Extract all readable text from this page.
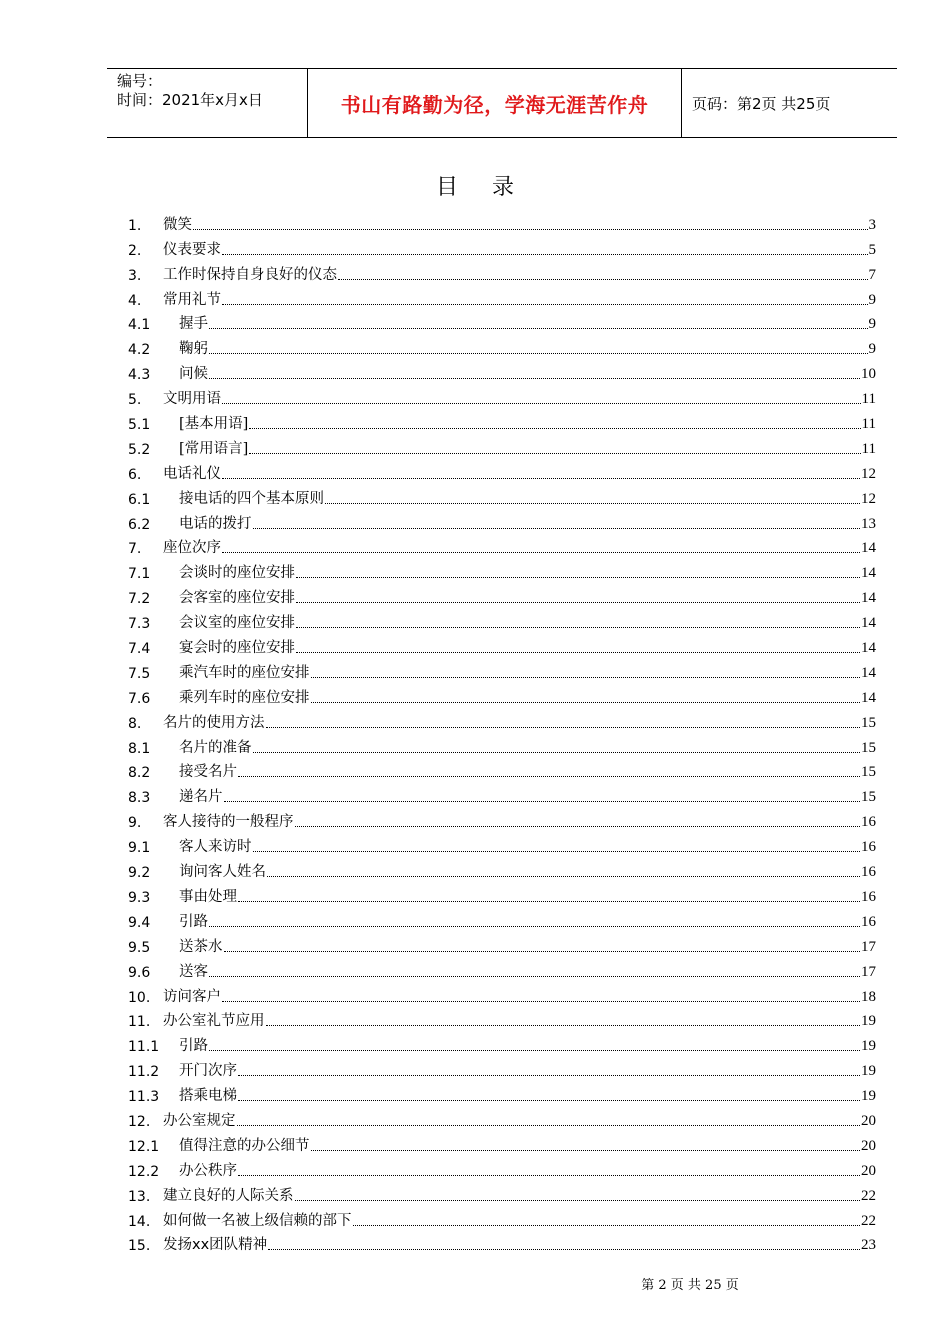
编号：
时间：2021年x月x日	书山有路勤为径，学海无涯苦作舟	页码：第2页 共25页
目录
1.	微笑	3
2.	仪表要求	5
3.	工作时保持自身良好的仪态	7
4.	常用礼节	9
4.1	握手	9
4.2	鞠躬	9
4.3	问候	10
5.	文明用语	11
5.1	[基本用语]	11
5.2	[常用语言]	11
6.	电话礼仪	12
6.1	接电话的四个基本原则	12
6.2	电话的拨打	13
7.	座位次序	14
7.1	会谈时的座位安排	14
7.2	会客室的座位安排	14
7.3	会议室的座位安排	14
7.4	宴会时的座位安排	14
7.5	乘汽车时的座位安排	14
7.6	乘列车时的座位安排	14
8.	名片的使用方法	15
8.1	名片的准备	15
8.2	接受名片	15
8.3	递名片	15
9.	客人接待的一般程序	16
9.1	客人来访时	16
9.2	询问客人姓名	16
9.3	事由处理	16
9.4	引路	16
9.5	送茶水	17
9.6	送客	17
10. 访问客户	18
11. 办公室礼节应用	19
11.1	引路	19
11.2	开门次序	19
11.3	搭乘电梯	19
12. 办公室规定	20
12.1	值得注意的办公细节	20
12.2	办公秩序	20
13. 建立良好的人际关系	22
14. 如何做一名被上级信赖的部下	22
15. 发扬xx团队精神	23
第 2 页 共 25 页
